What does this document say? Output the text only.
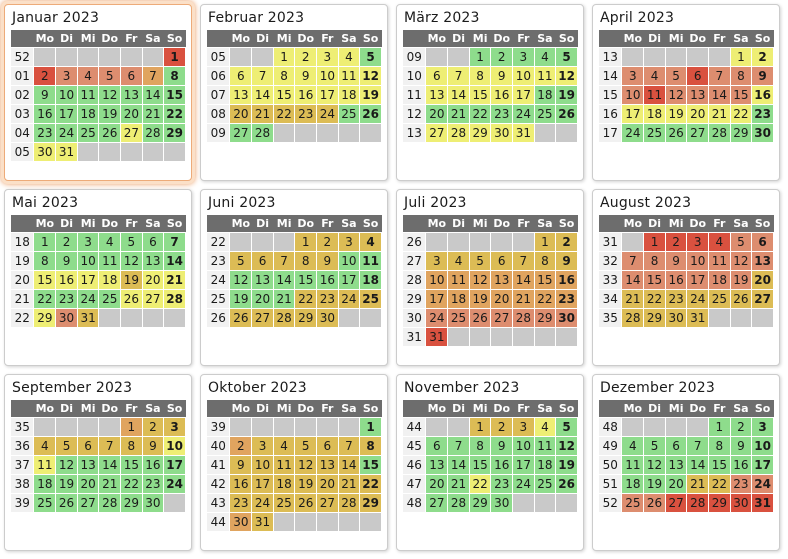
Januar 2023
	Mo	Di	Mi	Do	Fr	Sa	So
52							1
01	2	3	4	5	6	7	8
02	9	10	11	12	13	14	15
03	16	17	18	19	20	21	22
04	23	24	25	26	27	28	29
05	30	31					
Februar 2023
	Mo	Di	Mi	Do	Fr	Sa	So
05			1	2	3	4	5
06	6	7	8	9	10	11	12
07	13	14	15	16	17	18	19
08	20	21	22	23	24	25	26
09	27	28					
März 2023
	Mo	Di	Mi	Do	Fr	Sa	So
09			1	2	3	4	5
10	6	7	8	9	10	11	12
11	13	14	15	16	17	18	19
12	20	21	22	23	24	25	26
13	27	28	29	30	31		
April 2023
	Mo	Di	Mi	Do	Fr	Sa	So
13						1	2
14	3	4	5	6	7	8	9
15	10	11	12	13	14	15	16
16	17	18	19	20	21	22	23
17	24	25	26	27	28	29	30
Mai 2023
	Mo	Di	Mi	Do	Fr	Sa	So
18	1	2	3	4	5	6	7
19	8	9	10	11	12	13	14
20	15	16	17	18	19	20	21
21	22	23	24	25	26	27	28
22	29	30	31				
Juni 2023
	Mo	Di	Mi	Do	Fr	Sa	So
22				1	2	3	4
23	5	6	7	8	9	10	11
24	12	13	14	15	16	17	18
25	19	20	21	22	23	24	25
26	26	27	28	29	30		
Juli 2023
	Mo	Di	Mi	Do	Fr	Sa	So
26						1	2
27	3	4	5	6	7	8	9
28	10	11	12	13	14	15	16
29	17	18	19	20	21	22	23
30	24	25	26	27	28	29	30
31	31						
August 2023
	Mo	Di	Mi	Do	Fr	Sa	So
31		1	2	3	4	5	6
32	7	8	9	10	11	12	13
33	14	15	16	17	18	19	20
34	21	22	23	24	25	26	27
35	28	29	30	31			
September 2023
	Mo	Di	Mi	Do	Fr	Sa	So
35					1	2	3
36	4	5	6	7	8	9	10
37	11	12	13	14	15	16	17
38	18	19	20	21	22	23	24
39	25	26	27	28	29	30	
Oktober 2023
	Mo	Di	Mi	Do	Fr	Sa	So
39							1
40	2	3	4	5	6	7	8
41	9	10	11	12	13	14	15
42	16	17	18	19	20	21	22
43	23	24	25	26	27	28	29
44	30	31					
November 2023
	Mo	Di	Mi	Do	Fr	Sa	So
44			1	2	3	4	5
45	6	7	8	9	10	11	12
46	13	14	15	16	17	18	19
47	20	21	22	23	24	25	26
48	27	28	29	30			
Dezember 2023
	Mo	Di	Mi	Do	Fr	Sa	So
48					1	2	3
49	4	5	6	7	8	9	10
50	11	12	13	14	15	16	17
51	18	19	20	21	22	23	24
52	25	26	27	28	29	30	31
